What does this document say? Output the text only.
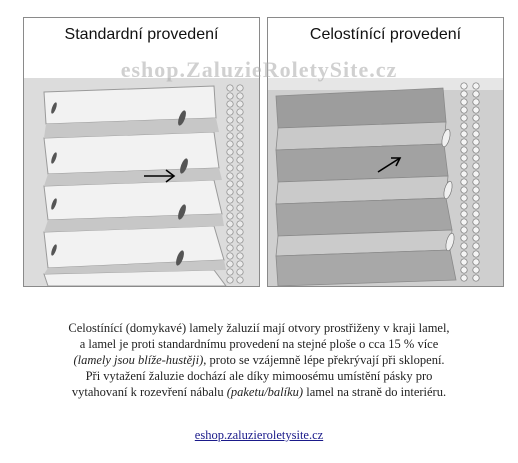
Standardní provedení	Celostínící provedení
eshop.ZaluzieRoletySite.cz

Celostínící (domykavé) lamely žaluzií mají otvory prostřiženy v kraji lamel,

a lamel je proti standardnímu provedení na stejné ploše o cca 15 % více

(lamely jsou blíže-hustěji), proto se vzájemně lépe překrývají při sklopení.

Při vytažení žaluzie dochází ale díky mimoosému umístění pásky pro

vytahovaní k rozevření nábalu (paketu/balíku) lamel na straně do interiéru.

eshop.zaluzieroletysite.cz
